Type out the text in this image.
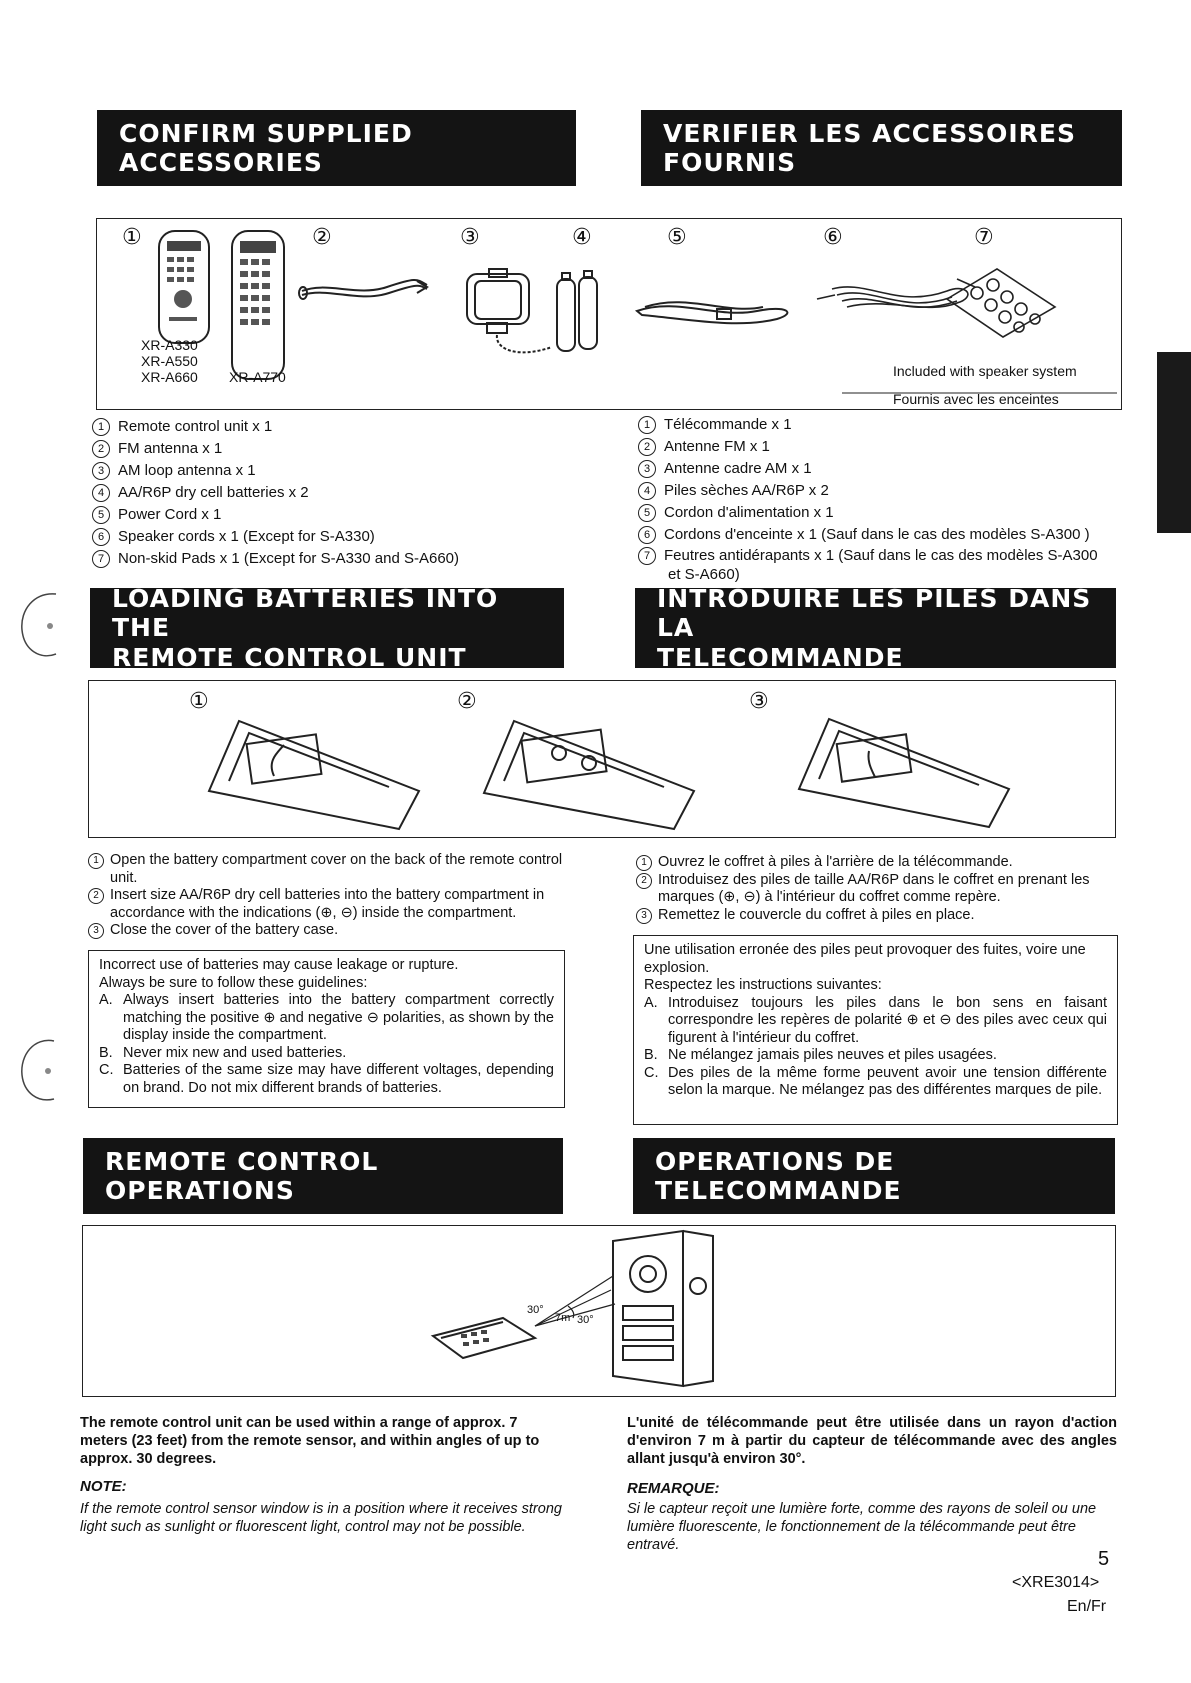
CONFIRM SUPPLIED ACCESSORIES
VERIFIER LES ACCESSOIRES FOURNIS
①	②	③	④	⑤	⑥	⑦
XR-A330
XR-A550
XR-A660 XR-A770	Included with speaker system
Fournis avec les enceintes
1 Remote control unit x 1
2 FM antenna x 1
3 AM loop antenna x 1
4 AA/R6P dry cell batteries x 2
5 Power Cord x 1
6 Speaker cords x 1 (Except for S-A330)
7 Non-skid Pads x 1 (Except for S-A330 and S-A660)
1 Télécommande x 1
2 Antenne FM x 1
3 Antenne cadre AM x 1
4 Piles sèches AA/R6P x 2
5 Cordon d'alimentation x 1
6 Cordons d'enceinte x 1 (Sauf dans le cas des modèles S-A300 )
7 Feutres antidérapants x 1 (Sauf dans le cas des modèles S-A300
et S-A660)
LOADING BATTERIES INTO THE
REMOTE CONTROL UNIT
INTRODUIRE LES PILES DANS LA
TELECOMMANDE
①	②	③
1 Open the battery compartment cover on the back of the remote control unit.
2 Insert size AA/R6P dry cell batteries into the battery compartment in accordance with the indications (⊕, ⊖) inside the compartment.
3 Close the cover of the battery case.
1 Ouvrez le coffret à piles à l'arrière de la télécommande.
2 Introduisez des piles de taille AA/R6P dans le coffret en prenant les marques (⊕, ⊖) à l'intérieur du coffret comme repère.
3 Remettez le couvercle du coffret à piles en place.
Incorrect use of batteries may cause leakage or rupture.
Always be sure to follow these guidelines:
A. Always insert batteries into the battery compartment correctly matching the positive ⊕ and negative ⊖ polarities, as shown by the display inside the compartment.
B. Never mix new and used batteries.
C. Batteries of the same size may have different voltages, depending on brand. Do not mix different brands of batteries.
Une utilisation erronée des piles peut provoquer des fuites, voire une explosion.
Respectez les instructions suivantes:
A. Introduisez toujours les piles dans le bon sens en faisant correspondre les repères de polarité ⊕ et ⊖ des piles avec ceux qui figurent à l'intérieur du coffret.
B. Ne mélangez jamais piles neuves et piles usagées.
C. Des piles de la même forme peuvent avoir une tension différente selon la marque. Ne mélangez pas des différentes marques de pile.
REMOTE CONTROL OPERATIONS
OPERATIONS DE TELECOMMANDE
30°
7m 30°
The remote control unit can be used within a range of approx. 7 meters (23 feet) from the remote sensor, and within angles of up to approx. 30 degrees.
L'unité de télécommande peut être utilisée dans un rayon d'action d'environ 7 m à partir du capteur de télécommande avec des angles allant jusqu'à environ 30°.
NOTE:
If the remote control sensor window is in a position where it receives strong light such as sunlight or fluorescent light, control may not be possible.
REMARQUE:
Si le capteur reçoit une lumière forte, comme des rayons de soleil ou une lumière fluorescente, le fonctionnement de la télécommande peut être entravé.
5
<XRE3014>
En/Fr
